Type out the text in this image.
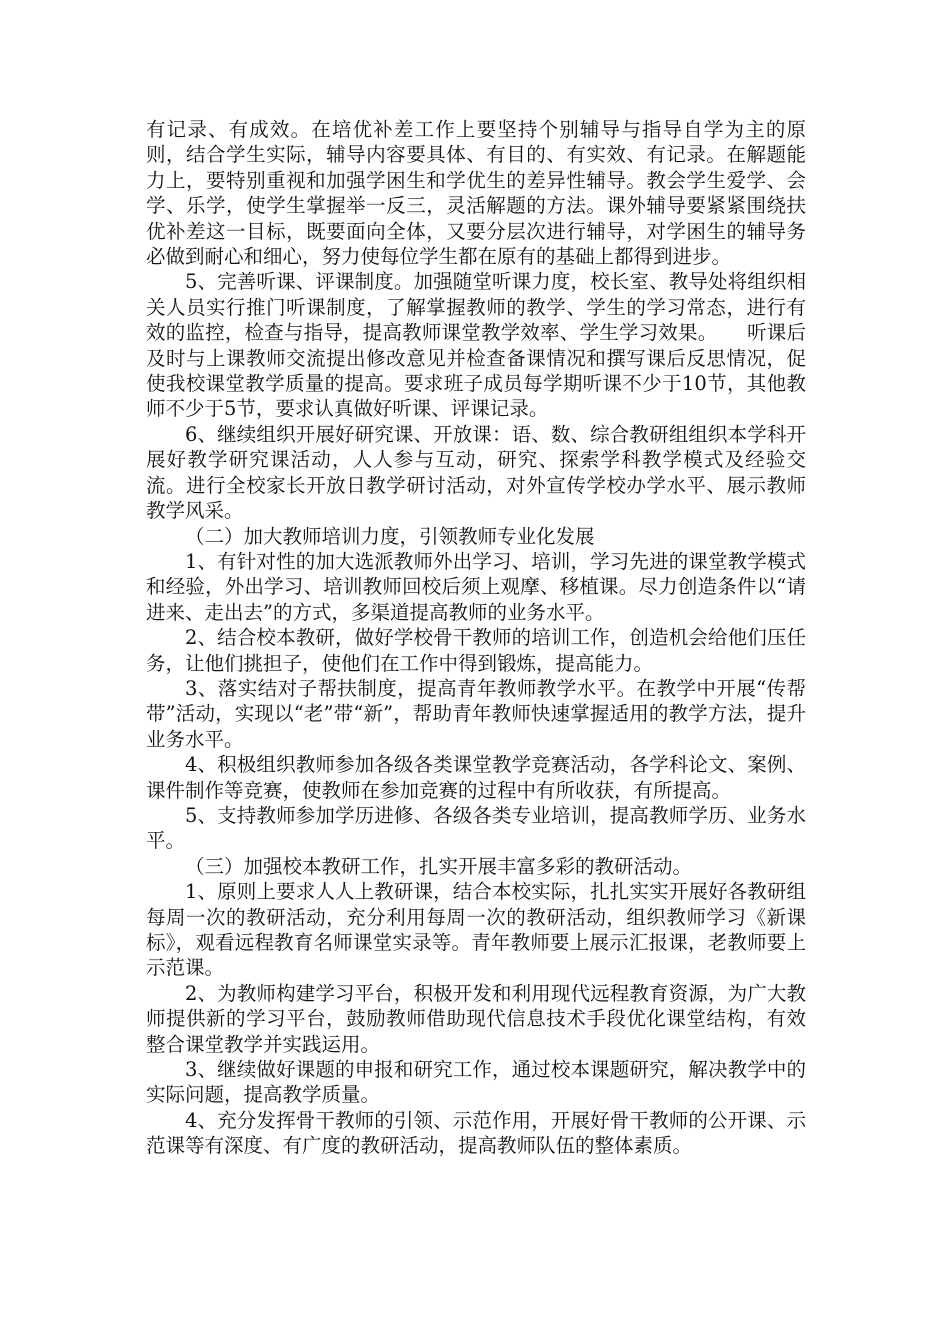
有记录、有成效。在培优补差工作上要坚持个别辅导与指导自学为主的原则，结合学生实际，辅导内容要具体、有目的、有实效、有记录。在解题能力上，要特别重视和加强学困生和学优生的差异性辅导。教会学生爱学、会学、乐学，使学生掌握举一反三，灵活解题的方法。课外辅导要紧紧围绕扶优补差这一目标，既要面向全体，又要分层次进行辅导，对学困生的辅导务必做到耐心和细心，努力使每位学生都在原有的基础上都得到进步。

5、完善听课、评课制度。加强随堂听课力度，校长室、教导处将组织相关人员实行推门听课制度，了解掌握教师的教学、学生的学习常态，进行有效的监控，检查与指导，提高教师课堂教学效率、学生学习效果。　　听课后及时与上课教师交流提出修改意见并检查备课情况和撰写课后反思情况，促使我校课堂教学质量的提高。要求班子成员每学期听课不少于10节，其他教师不少于5节，要求认真做好听课、评课记录。

6、继续组织开展好研究课、开放课：语、数、综合教研组组织本学科开展好教学研究课活动，人人参与互动，研究、探索学科教学模式及经验交流。进行全校家长开放日教学研讨活动，对外宣传学校办学水平、展示教师教学风采。

（二）加大教师培训力度，引领教师专业化发展

1、有针对性的加大选派教师外出学习、培训，学习先进的课堂教学模式和经验，外出学习、培训教师回校后须上观摩、移植课。尽力创造条件以“请进来、走出去”的方式，多渠道提高教师的业务水平。

2、结合校本教研，做好学校骨干教师的培训工作，创造机会给他们压任务，让他们挑担子，使他们在工作中得到锻炼，提高能力。

3、落实结对子帮扶制度，提高青年教师教学水平。在教学中开展“传帮带”活动，实现以“老”带“新”，帮助青年教师快速掌握适用的教学方法，提升业务水平。

4、积极组织教师参加各级各类课堂教学竞赛活动，各学科论文、案例、课件制作等竞赛，使教师在参加竞赛的过程中有所收获，有所提高。

5、支持教师参加学历进修、各级各类专业培训，提高教师学历、业务水平。

（三）加强校本教研工作，扎实开展丰富多彩的教研活动。

1、原则上要求人人上教研课，结合本校实际，扎扎实实开展好各教研组每周一次的教研活动，充分利用每周一次的教研活动，组织教师学习《新课标》，观看远程教育名师课堂实录等。青年教师要上展示汇报课，老教师要上示范课。

2、为教师构建学习平台，积极开发和利用现代远程教育资源，为广大教师提供新的学习平台，鼓励教师借助现代信息技术手段优化课堂结构，有效整合课堂教学并实践运用。

3、继续做好课题的申报和研究工作，通过校本课题研究，解决教学中的实际问题，提高教学质量。

4、充分发挥骨干教师的引领、示范作用，开展好骨干教师的公开课、示范课等有深度、有广度的教研活动，提高教师队伍的整体素质。
